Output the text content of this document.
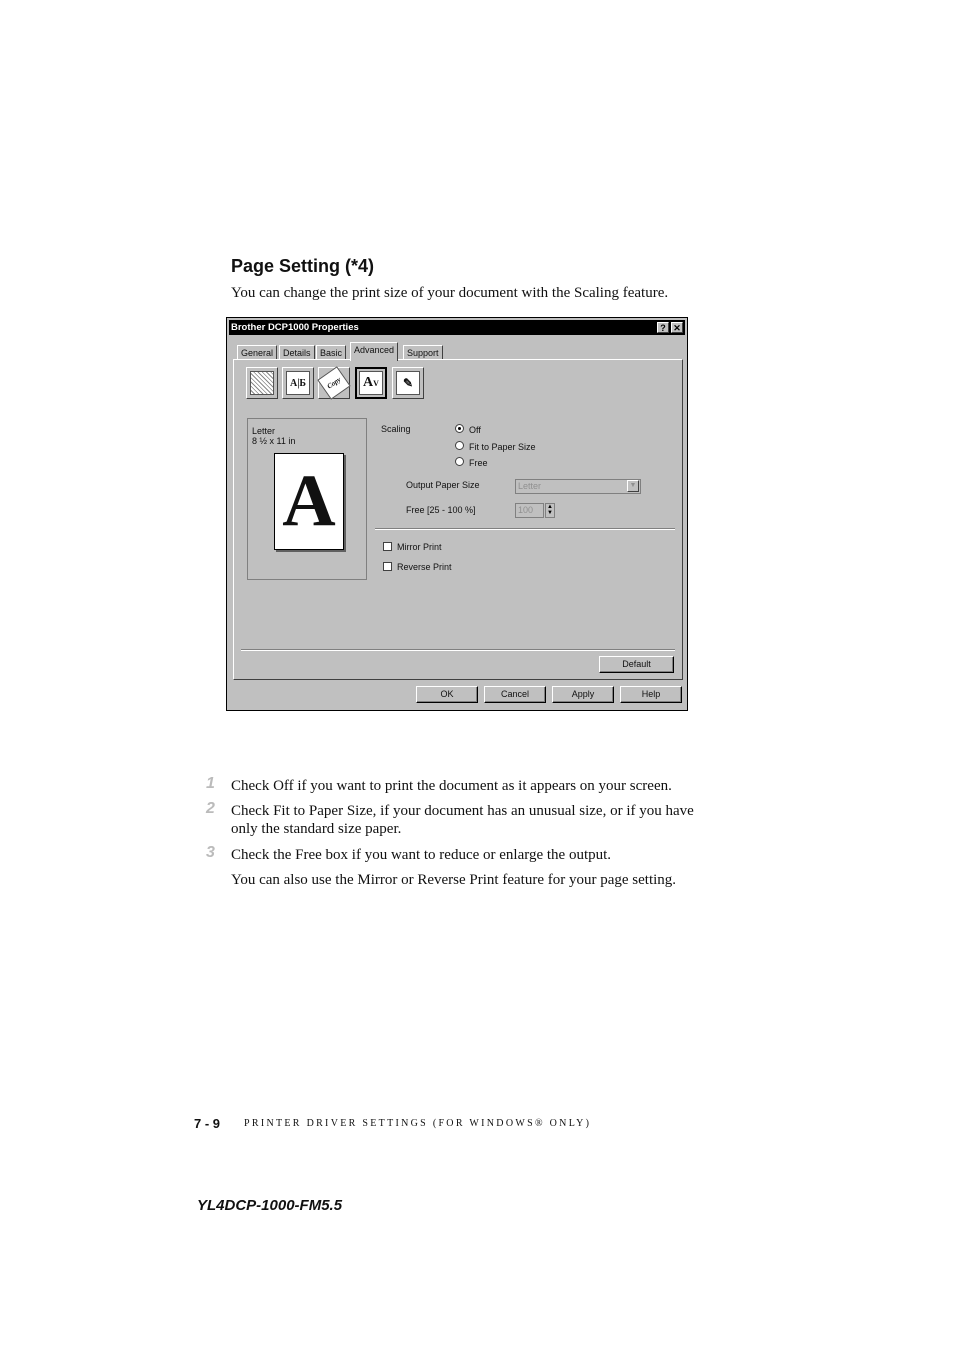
Page Setting (*4)
You can change the print size of your document with the Scaling feature.
Brother DCP1000 Properties	? ✕
General	Details	Basic	Advanced	Support
A|Б	Copy	A V	✎
Letter
8 ½ x 11 in
A
Scaling	Off
Fit to Paper Size
Free
Output Paper Size	Letter	▼
Free [25 - 100 %]	100	▲
▼
Mirror Print
Reverse Print
Default
OK	Cancel	Apply	Help
1 Check Off if you want to print the document as it appears on your screen.
2 Check Fit to Paper Size, if your document has an unusual size, or if you have only the standard size paper.
3 Check the Free box if you want to reduce or enlarge the output.
You can also use the Mirror or Reverse Print feature for your page setting.
7 - 9 PRINTER DRIVER SETTINGS (FOR WINDOWS® ONLY)
YL4DCP-1000-FM5.5
